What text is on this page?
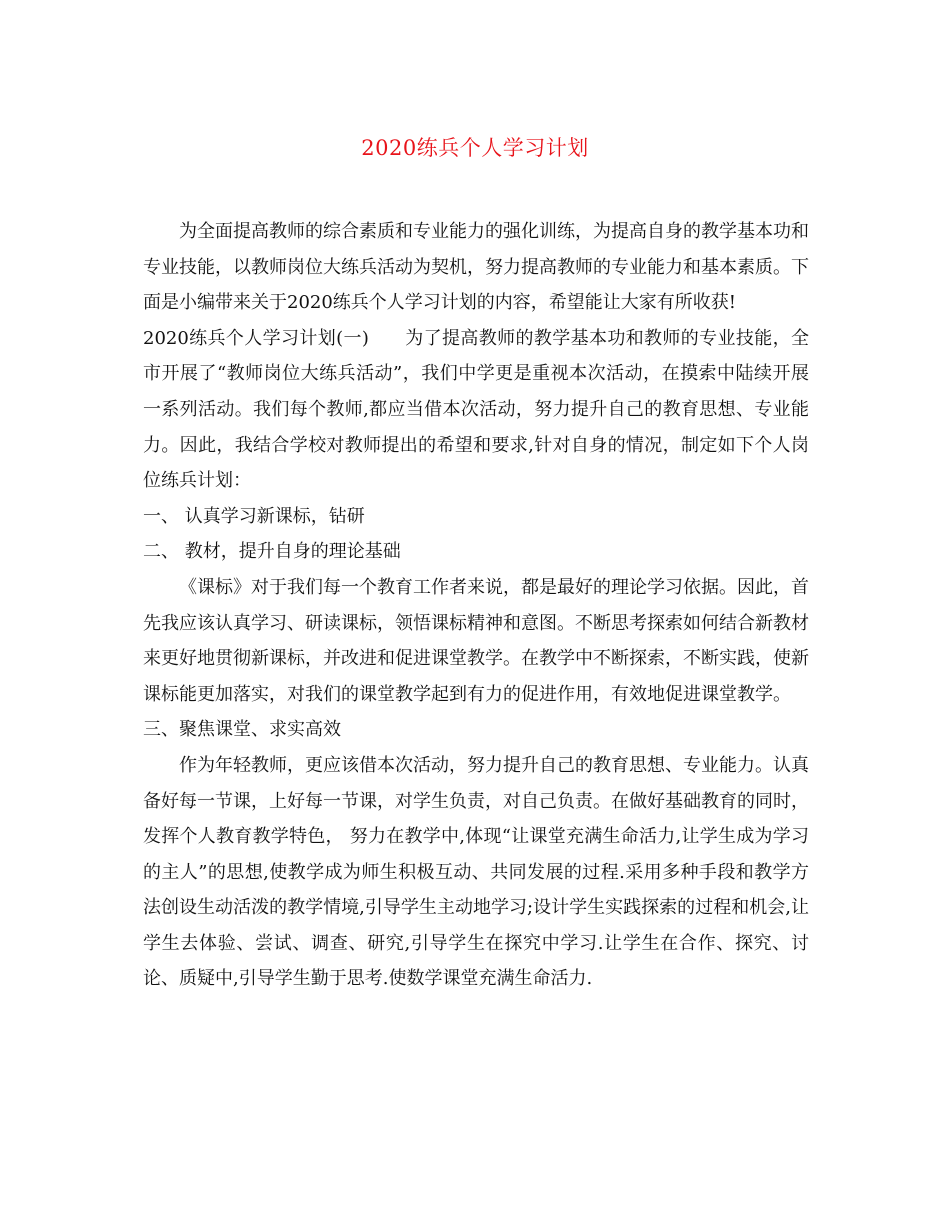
2020练兵个人学习计划

为全面提高教师的综合素质和专业能力的强化训练，为提高自身的教学基本功和专业技能，以教师岗位大练兵活动为契机，努力提高教师的专业能力和基本素质。下面是小编带来关于2020练兵个人学习计划的内容，希望能让大家有所收获!

2020练兵个人学习计划(一) 为了提高教师的教学基本功和教师的专业技能，全市开展了“教师岗位大练兵活动”，我们中学更是重视本次活动，在摸索中陆续开展一系列活动。我们每个教师,都应当借本次活动，努力提升自己的教育思想、专业能力。因此，我结合学校对教师提出的希望和要求,针对自身的情况，制定如下个人岗位练兵计划：

一、 认真学习新课标，钻研

二、 教材，提升自身的理论基础

《课标》对于我们每一个教育工作者来说，都是最好的理论学习依据。因此，首先我应该认真学习、研读课标，领悟课标精神和意图。不断思考探索如何结合新教材来更好地贯彻新课标，并改进和促进课堂教学。在教学中不断探索，不断实践，使新课标能更加落实，对我们的课堂教学起到有力的促进作用，有效地促进课堂教学。

三、聚焦课堂、求实高效

作为年轻教师，更应该借本次活动，努力提升自己的教育思想、专业能力。认真备好每一节课，上好每一节课，对学生负责，对自己负责。在做好基础教育的同时，发挥个人教育教学特色， 努力在教学中,体现“让课堂充满生命活力,让学生成为学习的主人”的思想,使教学成为师生积极互动、共同发展的过程.采用多种手段和教学方法创设生动活泼的教学情境,引导学生主动地学习;设计学生实践探索的过程和机会,让学生去体验、尝试、调查、研究,引导学生在探究中学习.让学生在合作、探究、讨论、质疑中,引导学生勤于思考.使数学课堂充满生命活力.
